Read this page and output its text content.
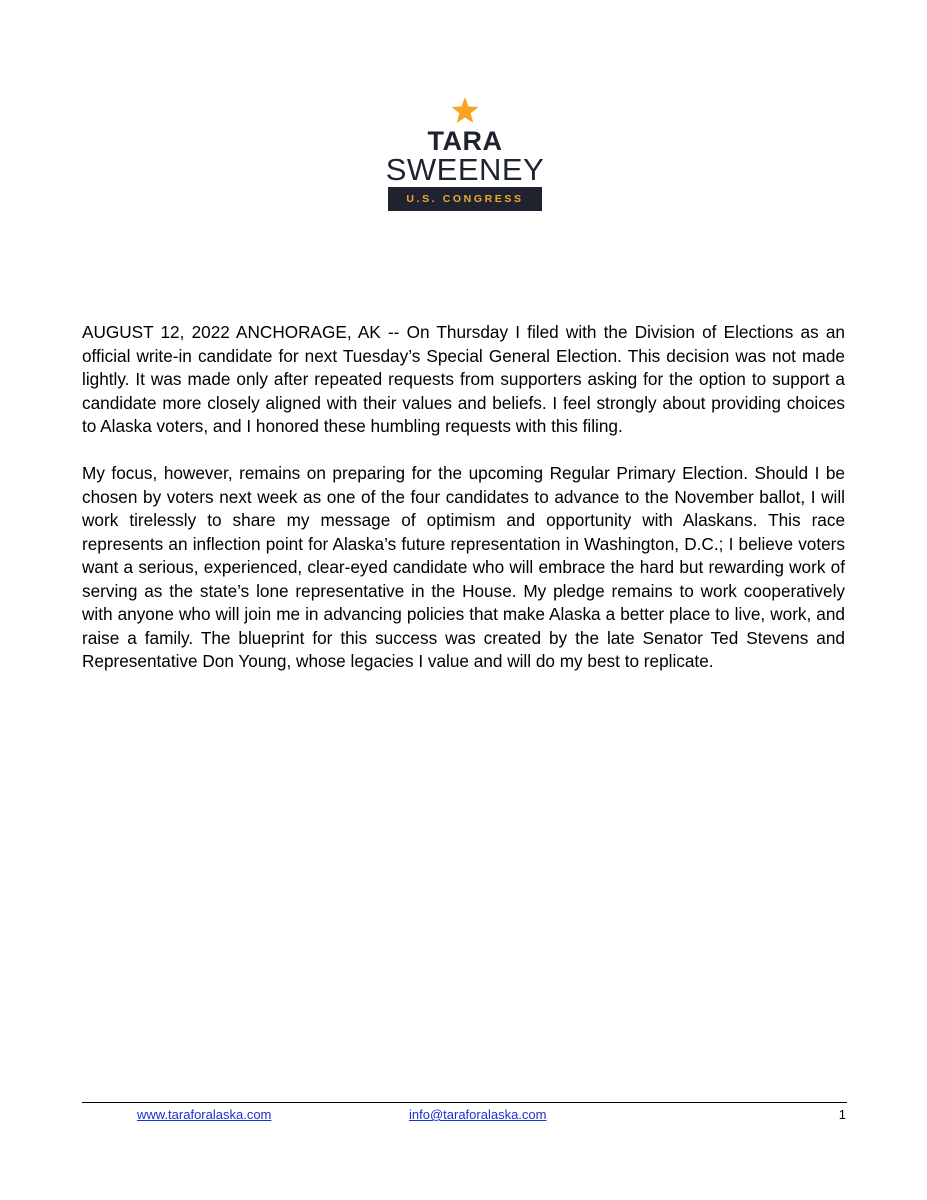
TARA
SWEENEY
U.S. CONGRESS

AUGUST 12, 2022 ANCHORAGE, AK -- On Thursday I filed with the Division of Elections as an official write-in candidate for next Tuesday’s Special General Election. This decision was not made lightly. It was made only after repeated requests from supporters asking for the option to support a candidate more closely aligned with their values and beliefs. I feel strongly about providing choices to Alaska voters, and I honored these humbling requests with this filing.

My focus, however, remains on preparing for the upcoming Regular Primary Election. Should I be chosen by voters next week as one of the four candidates to advance to the November ballot, I will work tirelessly to share my message of optimism and opportunity with Alaskans. This race represents an inflection point for Alaska’s future representation in Washington, D.C.; I believe voters want a serious, experienced, clear-eyed candidate who will embrace the hard but rewarding work of serving as the state’s lone representative in the House. My pledge remains to work cooperatively with anyone who will join me in advancing policies that make Alaska a better place to live, work, and raise a family. The blueprint for this success was created by the late Senator Ted Stevens and Representative Don Young, whose legacies I value and will do my best to replicate.

www.taraforalaska.com	info@taraforalaska.com	1
